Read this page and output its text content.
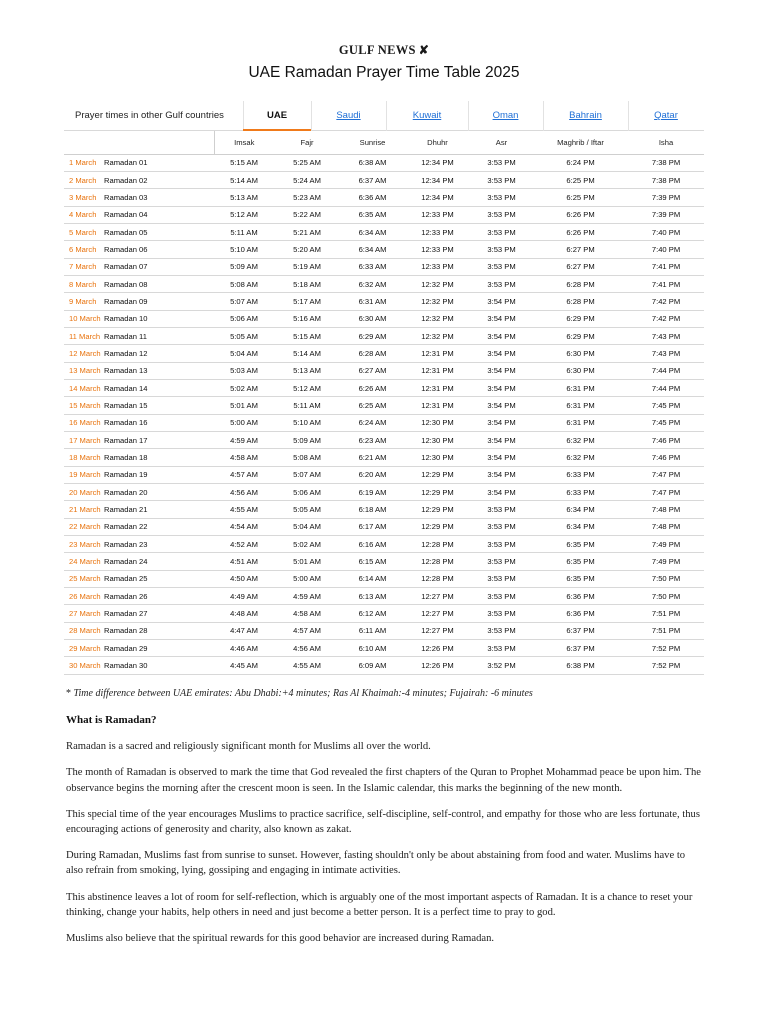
GULF NEWS ✘
UAE Ramadan Prayer Time Table 2025
Prayer times in other Gulf countries	UAE	Saudi	Kuwait	Oman	Bahrain	Qatar
		Imsak	Fajr	Sunrise	Dhuhr	Asr	Maghrib / Iftar	Isha
1 March	Ramadan 01	5:15 AM	5:25 AM	6:38 AM	12:34 PM	3:53 PM	6:24 PM	7:38 PM
2 March	Ramadan 02	5:14 AM	5:24 AM	6:37 AM	12:34 PM	3:53 PM	6:25 PM	7:38 PM
3 March	Ramadan 03	5:13 AM	5:23 AM	6:36 AM	12:34 PM	3:53 PM	6:25 PM	7:39 PM
4 March	Ramadan 04	5:12 AM	5:22 AM	6:35 AM	12:33 PM	3:53 PM	6:26 PM	7:39 PM
5 March	Ramadan 05	5:11 AM	5:21 AM	6:34 AM	12:33 PM	3:53 PM	6:26 PM	7:40 PM
6 March	Ramadan 06	5:10 AM	5:20 AM	6:34 AM	12:33 PM	3:53 PM	6:27 PM	7:40 PM
7 March	Ramadan 07	5:09 AM	5:19 AM	6:33 AM	12:33 PM	3:53 PM	6:27 PM	7:41 PM
8 March	Ramadan 08	5:08 AM	5:18 AM	6:32 AM	12:32 PM	3:53 PM	6:28 PM	7:41 PM
9 March	Ramadan 09	5:07 AM	5:17 AM	6:31 AM	12:32 PM	3:54 PM	6:28 PM	7:42 PM
10 March	Ramadan 10	5:06 AM	5:16 AM	6:30 AM	12:32 PM	3:54 PM	6:29 PM	7:42 PM
11 March	Ramadan 11	5:05 AM	5:15 AM	6:29 AM	12:32 PM	3:54 PM	6:29 PM	7:43 PM
12 March	Ramadan 12	5:04 AM	5:14 AM	6:28 AM	12:31 PM	3:54 PM	6:30 PM	7:43 PM
13 March	Ramadan 13	5:03 AM	5:13 AM	6:27 AM	12:31 PM	3:54 PM	6:30 PM	7:44 PM
14 March	Ramadan 14	5:02 AM	5:12 AM	6:26 AM	12:31 PM	3:54 PM	6:31 PM	7:44 PM
15 March	Ramadan 15	5:01 AM	5:11 AM	6:25 AM	12:31 PM	3:54 PM	6:31 PM	7:45 PM
16 March	Ramadan 16	5:00 AM	5:10 AM	6:24 AM	12:30 PM	3:54 PM	6:31 PM	7:45 PM
17 March	Ramadan 17	4:59 AM	5:09 AM	6:23 AM	12:30 PM	3:54 PM	6:32 PM	7:46 PM
18 March	Ramadan 18	4:58 AM	5:08 AM	6:21 AM	12:30 PM	3:54 PM	6:32 PM	7:46 PM
19 March	Ramadan 19	4:57 AM	5:07 AM	6:20 AM	12:29 PM	3:54 PM	6:33 PM	7:47 PM
20 March	Ramadan 20	4:56 AM	5:06 AM	6:19 AM	12:29 PM	3:54 PM	6:33 PM	7:47 PM
21 March	Ramadan 21	4:55 AM	5:05 AM	6:18 AM	12:29 PM	3:53 PM	6:34 PM	7:48 PM
22 March	Ramadan 22	4:54 AM	5:04 AM	6:17 AM	12:29 PM	3:53 PM	6:34 PM	7:48 PM
23 March	Ramadan 23	4:52 AM	5:02 AM	6:16 AM	12:28 PM	3:53 PM	6:35 PM	7:49 PM
24 March	Ramadan 24	4:51 AM	5:01 AM	6:15 AM	12:28 PM	3:53 PM	6:35 PM	7:49 PM
25 March	Ramadan 25	4:50 AM	5:00 AM	6:14 AM	12:28 PM	3:53 PM	6:35 PM	7:50 PM
26 March	Ramadan 26	4:49 AM	4:59 AM	6:13 AM	12:27 PM	3:53 PM	6:36 PM	7:50 PM
27 March	Ramadan 27	4:48 AM	4:58 AM	6:12 AM	12:27 PM	3:53 PM	6:36 PM	7:51 PM
28 March	Ramadan 28	4:47 AM	4:57 AM	6:11 AM	12:27 PM	3:53 PM	6:37 PM	7:51 PM
29 March	Ramadan 29	4:46 AM	4:56 AM	6:10 AM	12:26 PM	3:53 PM	6:37 PM	7:52 PM
30 March	Ramadan 30	4:45 AM	4:55 AM	6:09 AM	12:26 PM	3:52 PM	6:38 PM	7:52 PM
* Time difference between UAE emirates: Abu Dhabi:+4 minutes; Ras Al Khaimah:-4 minutes; Fujairah: -6 minutes
What is Ramadan?

Ramadan is a sacred and religiously significant month for Muslims all over the world.

The month of Ramadan is observed to mark the time that God revealed the first chapters of the Quran to Prophet Mohammad peace be upon him. The observance begins the morning after the crescent moon is seen. In the Islamic calendar, this marks the beginning of the new month.

This special time of the year encourages Muslims to practice sacrifice, self-discipline, self-control, and empathy for those who are less fortunate, thus encouraging actions of generosity and charity, also known as zakat.

During Ramadan, Muslims fast from sunrise to sunset. However, fasting shouldn't only be about abstaining from food and water. Muslims have to also refrain from smoking, lying, gossiping and engaging in intimate activities.

This abstinence leaves a lot of room for self-reflection, which is arguably one of the most important aspects of Ramadan. It is a chance to reset your thinking, change your habits, help others in need and just become a better person. It is a perfect time to pray to god.

Muslims also believe that the spiritual rewards for this good behavior are increased during Ramadan.
